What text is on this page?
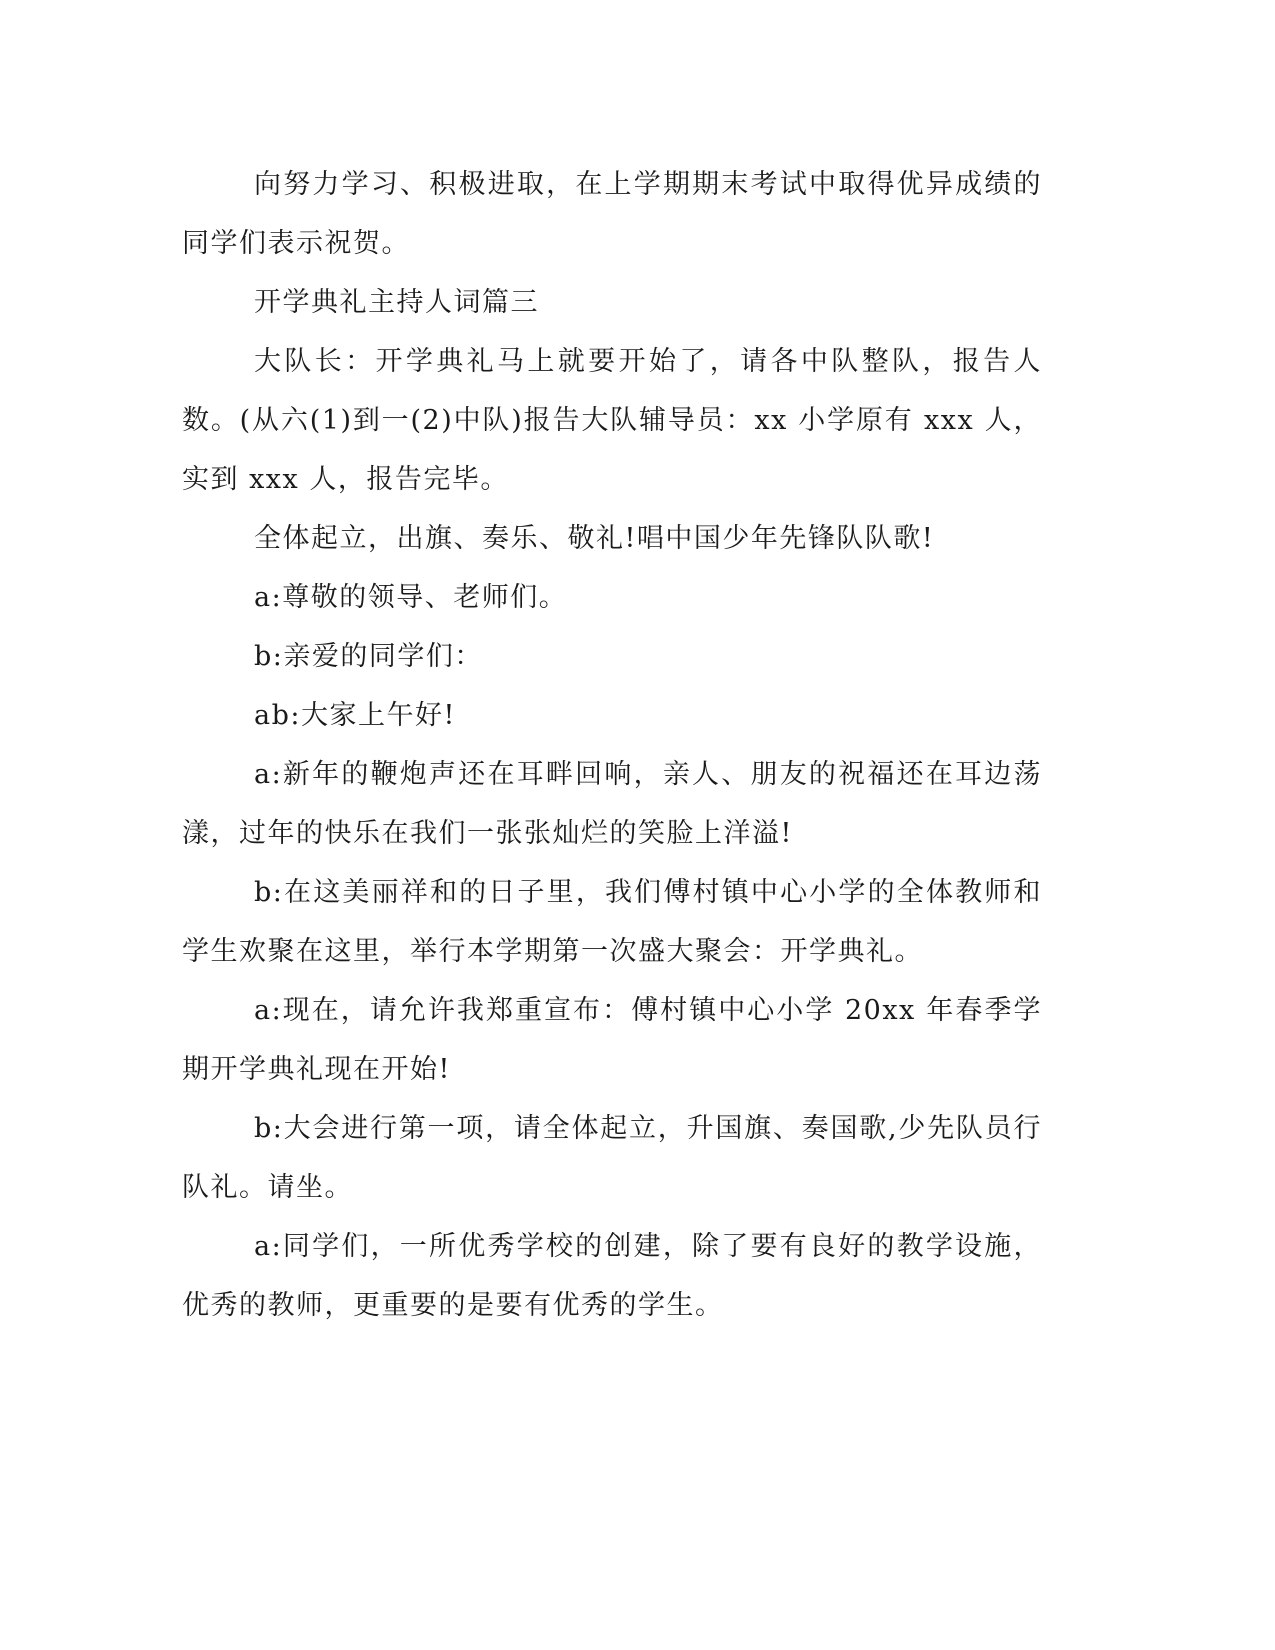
向努力学习、积极进取，在上学期期末考试中取得优异成绩的同学们表示祝贺。

开学典礼主持人词篇三

大队长：开学典礼马上就要开始了，请各中队整队，报告人数。(从六(1)到一(2)中队)报告大队辅导员：xx 小学原有 xxx 人，实到 xxx 人，报告完毕。

全体起立，出旗、奏乐、敬礼!唱中国少年先锋队队歌!

a:尊敬的领导、老师们。

b:亲爱的同学们：

ab:大家上午好!

a:新年的鞭炮声还在耳畔回响，亲人、朋友的祝福还在耳边荡漾，过年的快乐在我们一张张灿烂的笑脸上洋溢!

b:在这美丽祥和的日子里，我们傅村镇中心小学的全体教师和学生欢聚在这里，举行本学期第一次盛大聚会：开学典礼。

a:现在，请允许我郑重宣布：傅村镇中心小学 20xx 年春季学期开学典礼现在开始!

b:大会进行第一项，请全体起立，升国旗、奏国歌,少先队员行队礼。请坐。

a:同学们，一所优秀学校的创建，除了要有良好的教学设施，优秀的教师，更重要的是要有优秀的学生。
